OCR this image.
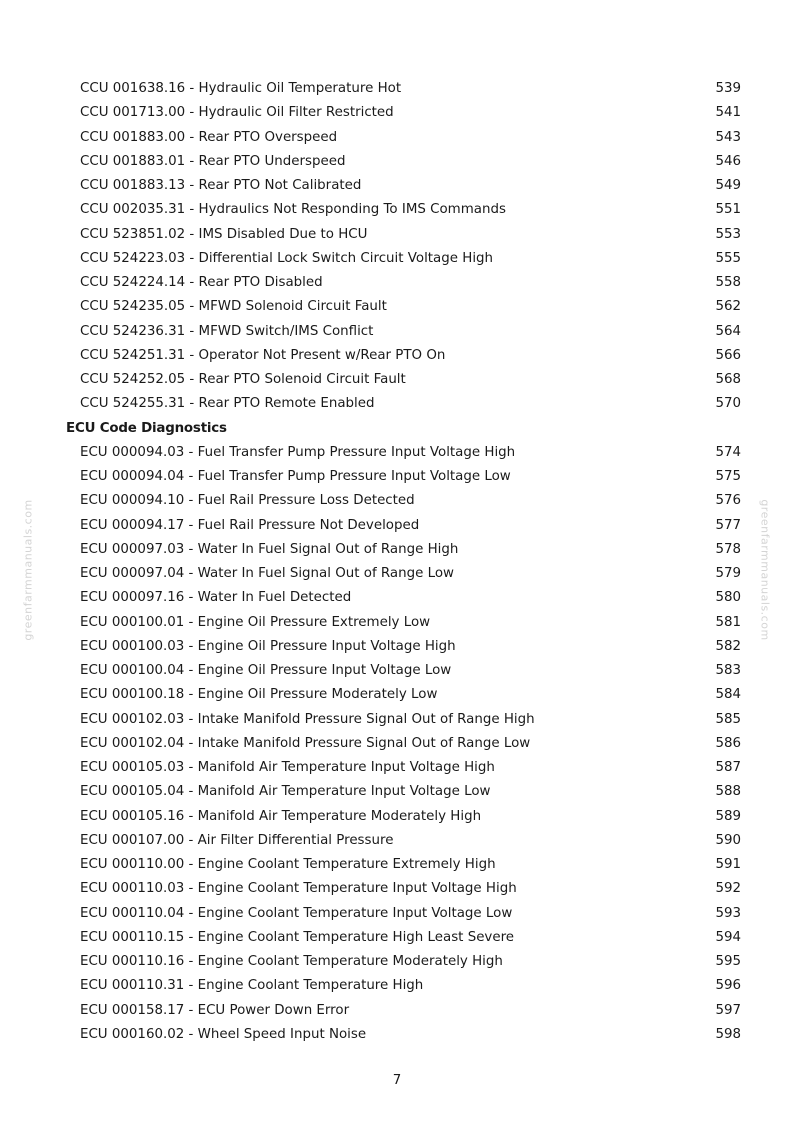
CCU 001638.16 - Hydraulic Oil Temperature Hot	539
CCU 001713.00 - Hydraulic Oil Filter Restricted	541
CCU 001883.00 - Rear PTO Overspeed	543
CCU 001883.01 - Rear PTO Underspeed	546
CCU 001883.13 - Rear PTO Not Calibrated	549
CCU 002035.31 - Hydraulics Not Responding To IMS Commands	551
CCU 523851.02 - IMS Disabled Due to HCU	553
CCU 524223.03 - Differential Lock Switch Circuit Voltage High	555
CCU 524224.14 - Rear PTO Disabled	558
CCU 524235.05 - MFWD Solenoid Circuit Fault	562
CCU 524236.31 - MFWD Switch/IMS Conflict	564
CCU 524251.31 - Operator Not Present w/Rear PTO On	566
CCU 524252.05 - Rear PTO Solenoid Circuit Fault	568
CCU 524255.31 - Rear PTO Remote Enabled	570
ECU Code Diagnostics
ECU 000094.03 - Fuel Transfer Pump Pressure Input Voltage High	574
ECU 000094.04 - Fuel Transfer Pump Pressure Input Voltage Low	575
ECU 000094.10 - Fuel Rail Pressure Loss Detected	576
ECU 000094.17 - Fuel Rail Pressure Not Developed	577
ECU 000097.03 - Water In Fuel Signal Out of Range High	578
ECU 000097.04 - Water In Fuel Signal Out of Range Low	579
ECU 000097.16 - Water In Fuel Detected	580
ECU 000100.01 - Engine Oil Pressure Extremely Low	581
ECU 000100.03 - Engine Oil Pressure Input Voltage High	582
ECU 000100.04 - Engine Oil Pressure Input Voltage Low	583
ECU 000100.18 - Engine Oil Pressure Moderately Low	584
ECU 000102.03 - Intake Manifold Pressure Signal Out of Range High	585
ECU 000102.04 - Intake Manifold Pressure Signal Out of Range Low	586
ECU 000105.03 - Manifold Air Temperature Input Voltage High	587
ECU 000105.04 - Manifold Air Temperature Input Voltage Low	588
ECU 000105.16 - Manifold Air Temperature Moderately High	589
ECU 000107.00 - Air Filter Differential Pressure	590
ECU 000110.00 - Engine Coolant Temperature Extremely High	591
ECU 000110.03 - Engine Coolant Temperature Input Voltage High	592
ECU 000110.04 - Engine Coolant Temperature Input Voltage Low	593
ECU 000110.15 - Engine Coolant Temperature High Least Severe	594
ECU 000110.16 - Engine Coolant Temperature Moderately High	595
ECU 000110.31 - Engine Coolant Temperature High	596
ECU 000158.17 - ECU Power Down Error	597
ECU 000160.02 - Wheel Speed Input Noise	598
greenfarmmanuals.com	greenfarmmanuals.com
7
